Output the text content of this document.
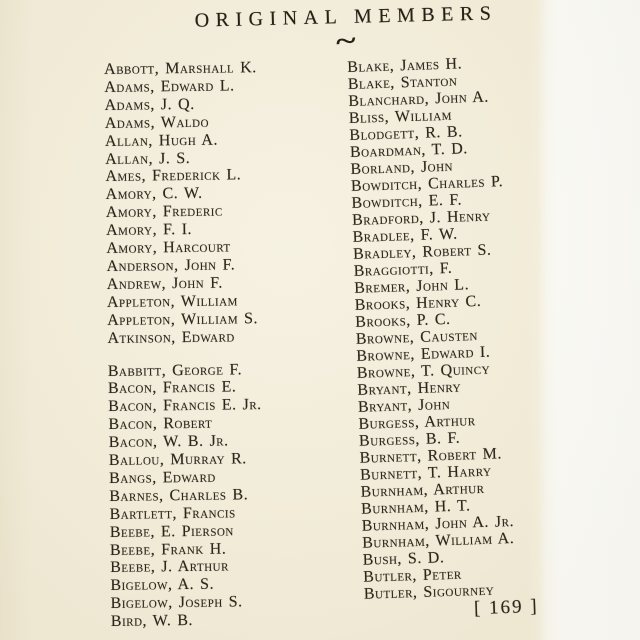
ORIGINAL MEMBERS
~
Abbott, Marshall K.
Adams, Edward L.
Adams, J. Q.
Adams, Waldo
Allan, Hugh A.
Allan, J. S.
Ames, Frederick L.
Amory, C. W.
Amory, Frederic
Amory, F. I.
Amory, Harcourt
Anderson, John F.
Andrew, John F.
Appleton, William
Appleton, William S.
Atkinson, Edward
Babbitt, George F.
Bacon, Francis E.
Bacon, Francis E. Jr.
Bacon, Robert
Bacon, W. B. Jr.
Ballou, Murray R.
Bangs, Edward
Barnes, Charles B.
Bartlett, Francis
Beebe, E. Pierson
Beebe, Frank H.
Beebe, J. Arthur
Bigelow, A. S.
Bigelow, Joseph S.
Bird, W. B.
Blake, James H.
Blake, Stanton
Blanchard, John A.
Bliss, William
Blodgett, R. B.
Boardman, T. D.
Borland, John
Bowditch, Charles P.
Bowditch, E. F.
Bradford, J. Henry
Bradlee, F. W.
Bradley, Robert S.
Braggiotti, F.
Bremer, John L.
Brooks, Henry C.
Brooks, P. C.
Browne, Causten
Browne, Edward I.
Browne, T. Quincy
Bryant, Henry
Bryant, John
Burgess, Arthur
Burgess, B. F.
Burnett, Robert M.
Burnett, T. Harry
Burnham, Arthur
Burnham, H. T.
Burnham, John A. Jr.
Burnham, William A.
Bush, S. D.
Butler, Peter
Butler, Sigourney
[ 169 ]
